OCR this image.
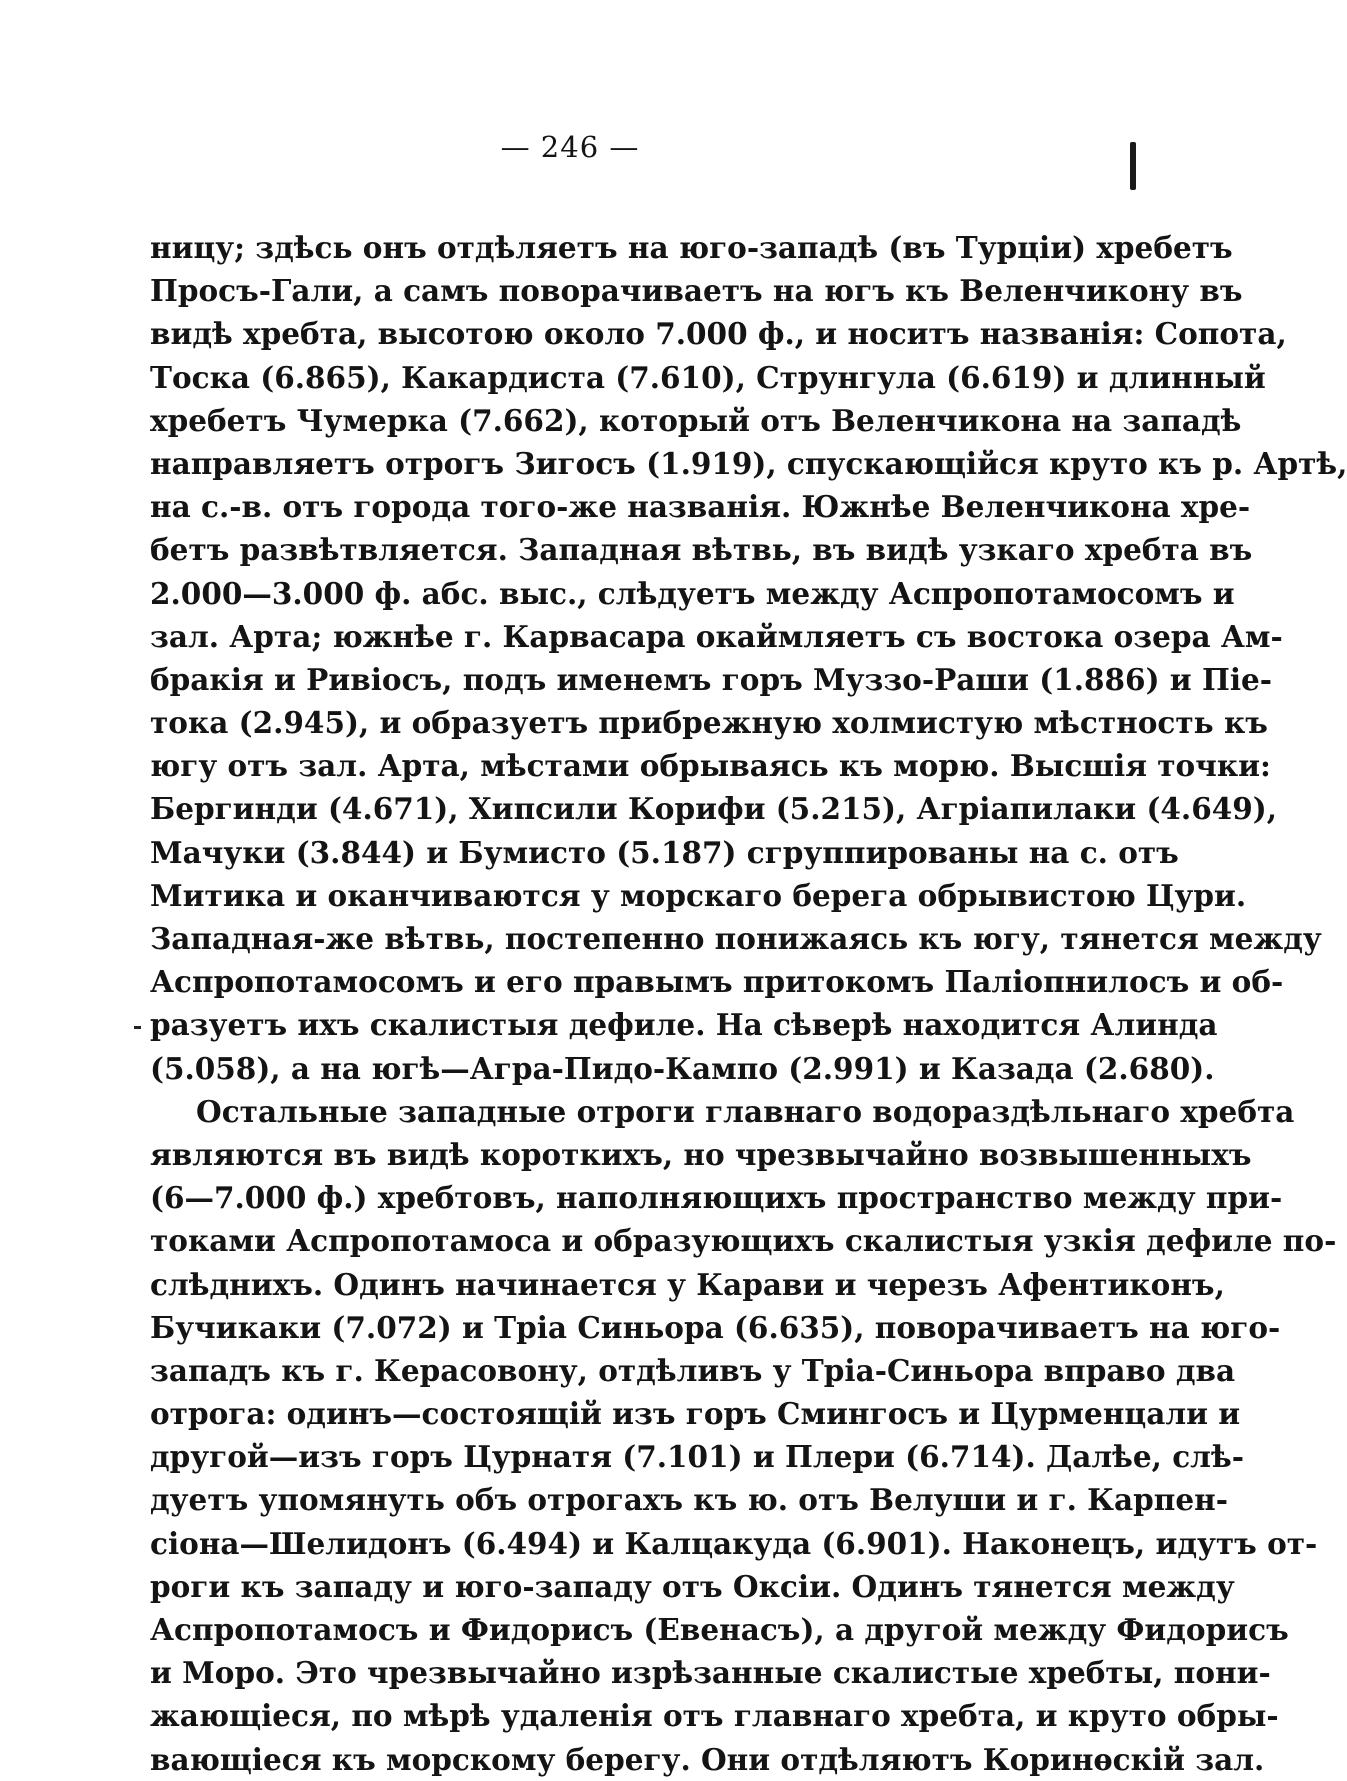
— 246 —
ницу; здѣсь онъ отдѣляетъ на юго-западѣ (въ Турціи) хребетъ
Просъ-Гали, а самъ поворачиваетъ на югъ къ Веленчикону въ
видѣ хребта, высотою около 7.000 ф., и носитъ названія: Сопота,
Тоска (6.865), Какардиста (7.610), Струнгула (6.619) и длинный
хребетъ Чумерка (7.662), который отъ Веленчикона на западѣ
направляетъ отрогъ Зигосъ (1.919), спускающійся круто къ р. Артѣ,
на с.-в. отъ города того-же названія. Южнѣе Веленчикона хре-
бетъ развѣтвляется. Западная вѣтвь, въ видѣ узкаго хребта въ
2.000—3.000 ф. абс. выс., слѣдуетъ между Аспропотамосомъ и
зал. Арта; южнѣе г. Карвасара окаймляетъ съ востока озера Ам-
бракія и Ривіосъ, подъ именемъ горъ Муззо-Раши (1.886) и Піе-
тока (2.945), и образуетъ прибрежную холмистую мѣстность къ
югу отъ зал. Арта, мѣстами обрываясь къ морю. Высшія точки:
Бергинди (4.671), Хипсили Корифи (5.215), Агріапилаки (4.649),
Мачуки (3.844) и Бумисто (5.187) сгруппированы на с. отъ
Митика и оканчиваются у морскаго берега обрывистою Цури.
Западная-же вѣтвь, постепенно понижаясь къ югу, тянется между
Аспропотамосомъ и его правымъ притокомъ Паліопнилосъ и об-
разуетъ ихъ скалистыя дефиле. На сѣверѣ находится Алинда
(5.058), а на югѣ—Агра-Пидо-Кампо (2.991) и Казада (2.680).
Остальные западные отроги главнаго водораздѣльнаго хребта
являются въ видѣ короткихъ, но чрезвычайно возвышенныхъ
(6—7.000 ф.) хребтовъ, наполняющихъ пространство между при-
токами Аспропотамоса и образующихъ скалистыя узкія дефиле по-
слѣднихъ. Одинъ начинается у Карави и черезъ Афентиконъ,
Бучикаки (7.072) и Тріа Синьора (6.635), поворачиваетъ на юго-
западъ къ г. Керасовону, отдѣливъ у Тріа-Синьора вправо два
отрога: одинъ—состоящій изъ горъ Смингосъ и Цурменцали и
другой—изъ горъ Цурнатя (7.101) и Плери (6.714). Далѣе, слѣ-
дуетъ упомянуть объ отрогахъ къ ю. отъ Велуши и г. Карпен-
сіона—Шелидонъ (6.494) и Калцакуда (6.901). Наконецъ, идутъ от-
роги къ западу и юго-западу отъ Оксіи. Одинъ тянется между
Аспропотамосъ и Фидорисъ (Евенасъ), а другой между Фидорисъ
и Моро. Это чрезвычайно изрѣзанные скалистые хребты, пони-
жающіеся, по мѣрѣ удаленія отъ главнаго хребта, и круто обры-
вающіеся къ морскому берегу. Они отдѣляютъ Коринѳскій зал.
